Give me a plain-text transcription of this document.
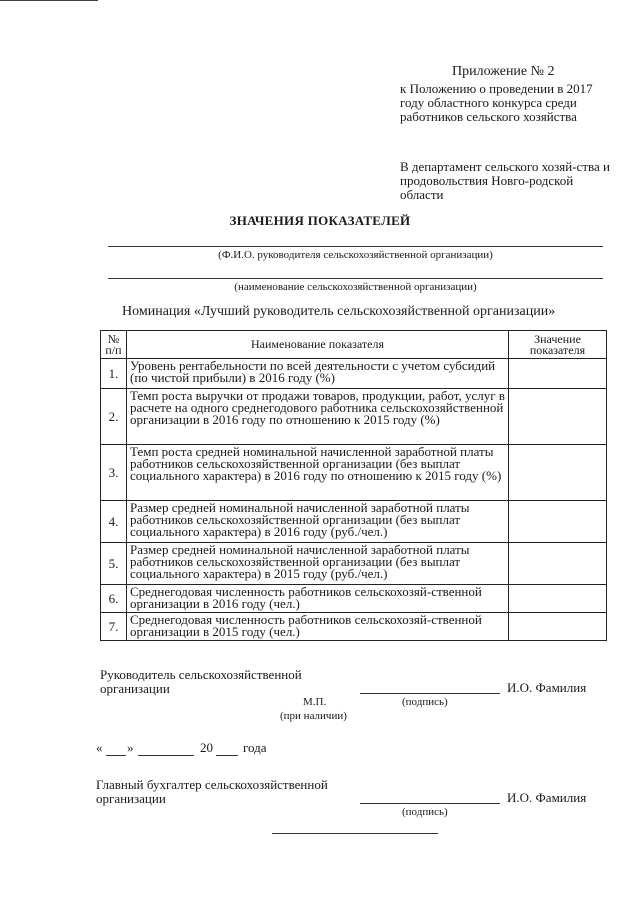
Приложение № 2
к Положению о проведении в 2017 году областного конкурса среди работников сельского хозяйства
В департамент сельского хозяй-ства и продовольствия Новго-родской области
ЗНАЧЕНИЯ ПОКАЗАТЕЛЕЙ
(Ф.И.О. руководителя сельскохозяйственной организации)
(наименование сельскохозяйственной организации)
Номинация «Лучший руководитель сельскохозяйственной организации»
№ п/п	Наименование показателя	Значение показателя
1.	Уровень рентабельности по всей деятельности с учетом субсидий (по чистой прибыли) в 2016 году (%)	
2.	Темп роста выручки от продажи товаров, продукции, работ, услуг в расчете на одного среднегодового работника сельскохозяйственной организации в 2016 году по отношению к 2015 году (%)	
3.	Темп роста средней номинальной начисленной заработной платы работников сельскохозяйственной организации (без выплат социального характера) в 2016 году по отношению к 2015 году (%)	
4.	Размер средней номинальной начисленной заработной платы работников сельскохозяйственной организации (без выплат социального характера) в 2016 году (руб./чел.)	
5.	Размер средней номинальной начисленной заработной платы работников сельскохозяйственной организации (без выплат социального характера) в 2015 году (руб./чел.)	
6.	Среднегодовая численность работников сельскохозяй-ственной организации в 2016 году (чел.)	
7.	Среднегодовая численность работников сельскохозяй-ственной организации в 2015 году (чел.)	
Руководитель сельскохозяйственной организации	И.О. Фамилия
М.П.	(подпись)
(при наличии)
« »	20 года
Главный бухгалтер сельскохозяйственной организации	И.О. Фамилия
(подпись)
